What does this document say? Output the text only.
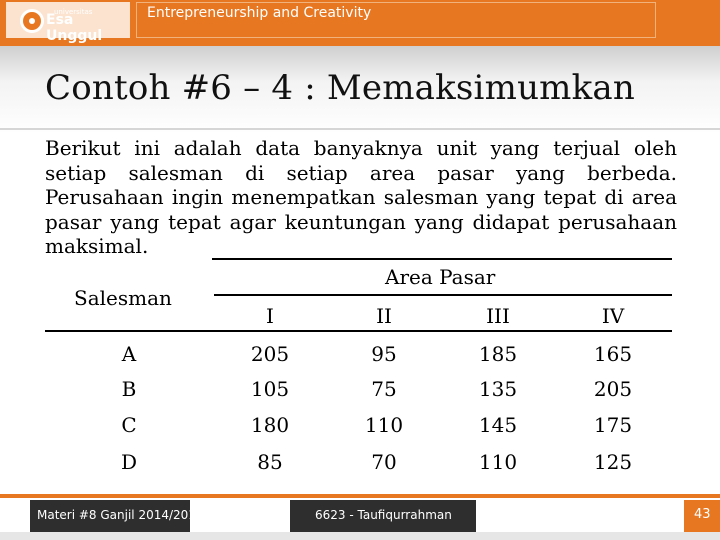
universitas
Esa Unggul
Entrepreneurship and Creativity
Contoh #6 – 4 : Memaksimumkan

Berikut ini adalah data banyaknya unit yang terjual oleh setiap salesman di setiap area pasar yang berbeda. Perusahaan ingin menempatkan salesman yang tepat di area pasar yang tepat agar keuntungan yang didapat perusahaan maksimal.

Area Pasar
Salesman
I	II	III	IV
A	205	95	185	165
B	105	75	135	205
C	180	110	145	175
D	85	70	110	125
Materi #8 Ganjil 2014/2015	6623 - Taufiqurrahman	43
